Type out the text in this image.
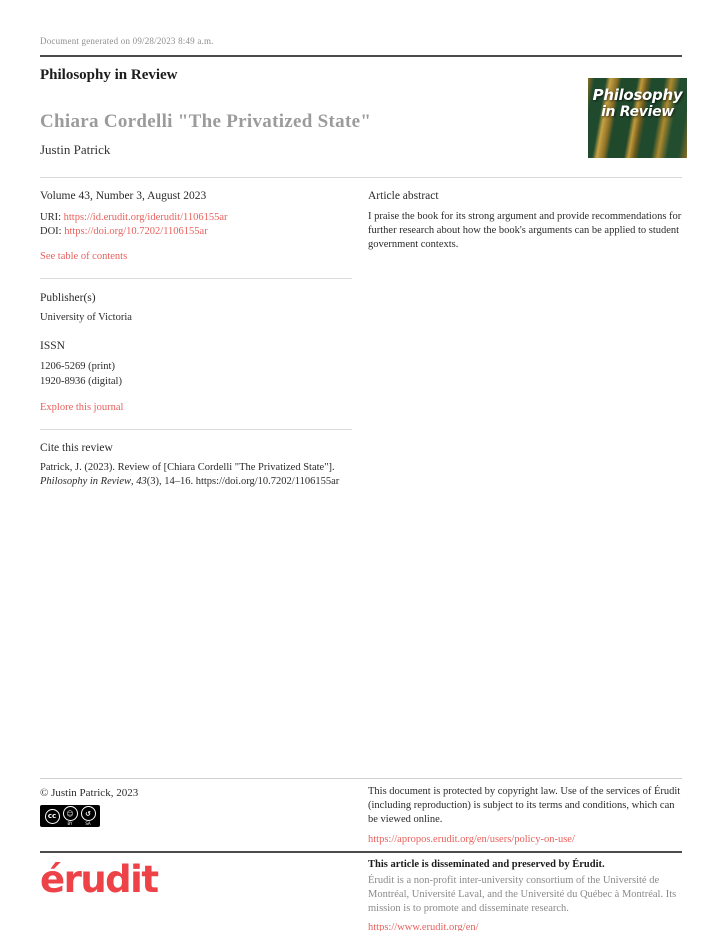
Document generated on 09/28/2023 8:49 a.m.
Philosophy in Review
Philosophy
in Review
Chiara Cordelli "The Privatized State"
Justin Patrick
Volume 43, Number 3, August 2023
URI: https://id.erudit.org/iderudit/1106155ar
DOI: https://doi.org/10.7202/1106155ar
See table of contents
Publisher(s)
University of Victoria
ISSN
1206-5269 (print)
1920-8936 (digital)
Explore this journal
Cite this review
Patrick, J. (2023). Review of [Chiara Cordelli "The Privatized State"]. Philosophy in Review, 43(3), 14–16. https://doi.org/10.7202/1106155ar
Article abstract
I praise the book for its strong argument and provide recommendations for further research about how the book's arguments can be applied to student government contexts.
© Justin Patrick, 2023
cc	☺
BY
↺
SA
This document is protected by copyright law. Use of the services of Érudit (including reproduction) is subject to its terms and conditions, which can be viewed online.
https://apropos.erudit.org/en/users/policy-on-use/
érudit	This article is disseminated and preserved by Érudit.
Érudit is a non-profit inter-university consortium of the Université de Montréal, Université Laval, and the Université du Québec à Montréal. Its mission is to promote and disseminate research.
https://www.erudit.org/en/
